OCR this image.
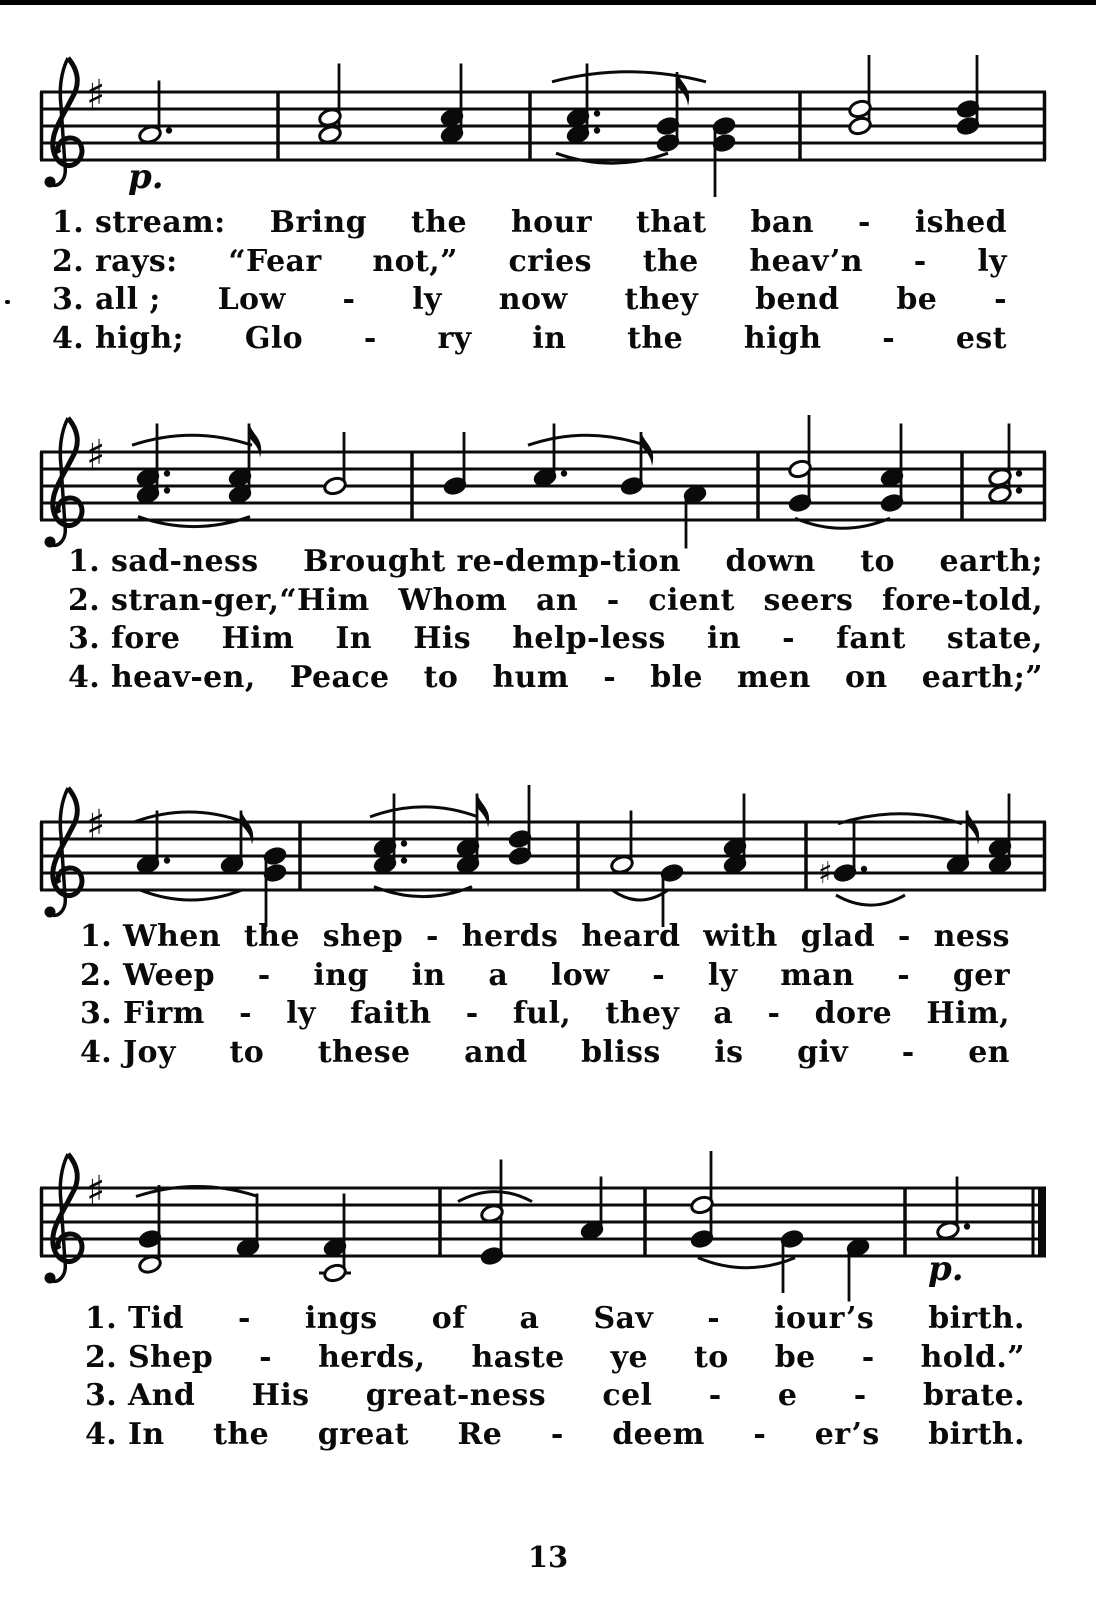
♯
p.
♯
♯
♯
♯
p.
1. stream: Bring the hour that ban - ished
2. rays: “Fear not,” cries the heav’n - ly
3. all ; Low - ly now they bend be -
4. high; Glo - ry in the high - est
1. sad-ness Brought re-demp-tion down to earth;
2. stran-ger,“Him Whom an - cient seers fore-told,
3. fore Him In His help-less in - fant state,
4. heav-en, Peace to hum - ble men on earth;”
1. When the shep - herds heard with glad - ness
2. Weep - ing in a low - ly man - ger
3. Firm - ly faith - ful, they a - dore Him,
4. Joy to these and bliss is giv - en
1. Tid - ings of a Sav - iour’s birth.
2. Shep - herds, haste ye to be - hold.”
3. And His great-ness cel - e - brate.
4. In the great Re - deem - er’s birth.
13
